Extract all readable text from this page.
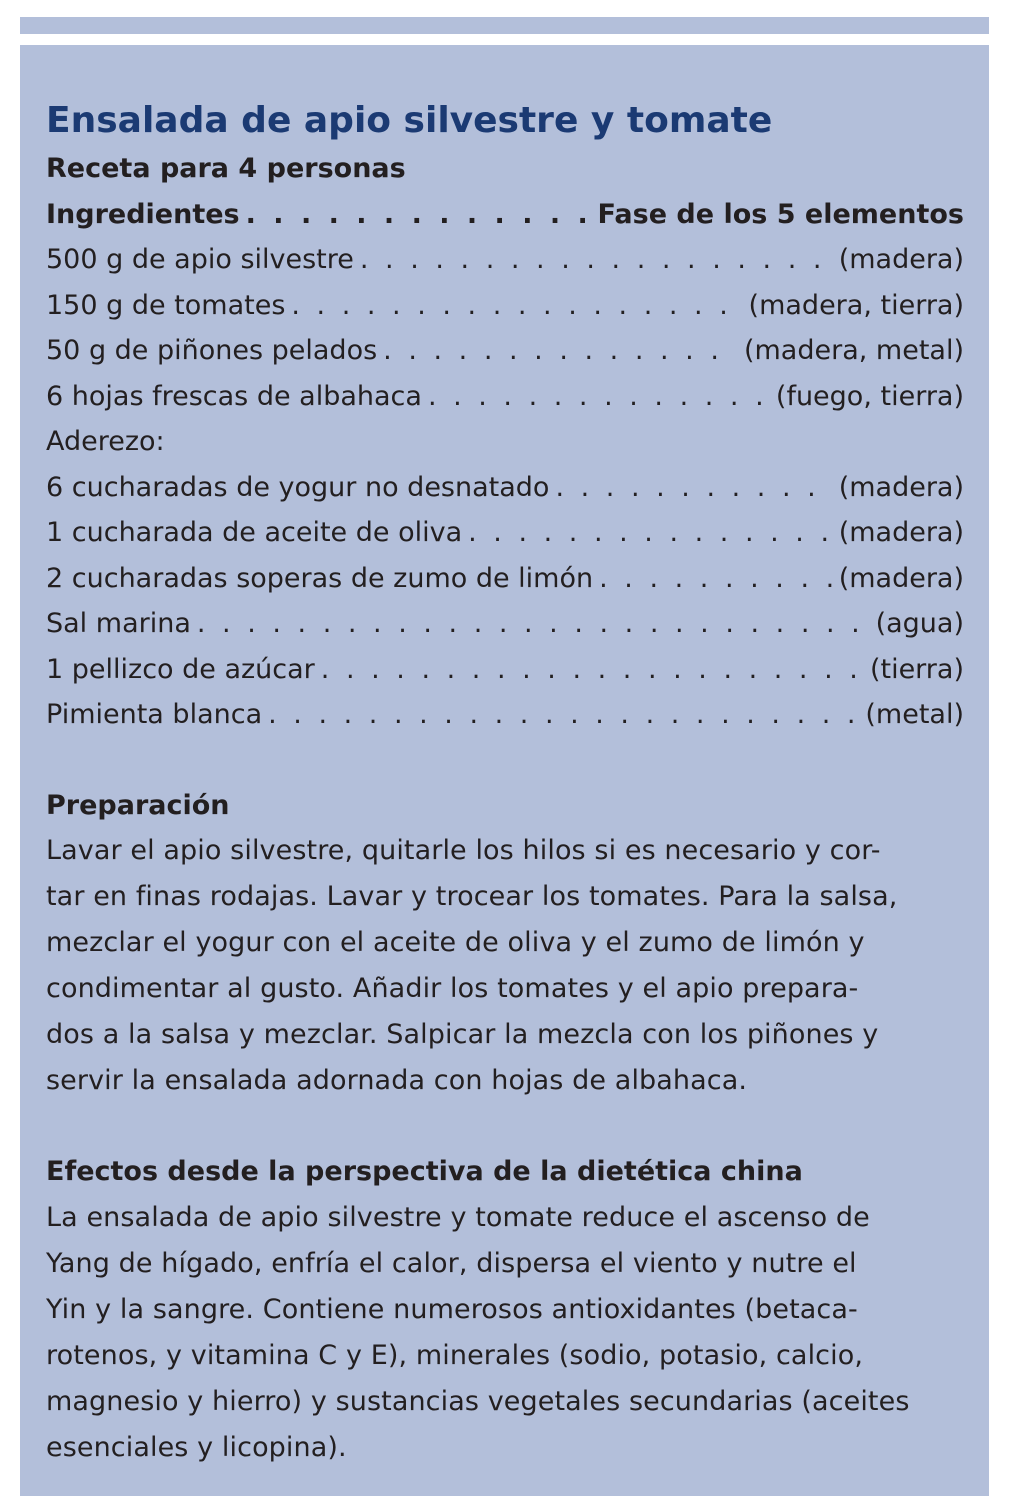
Ensalada de apio silvestre y tomate
Receta para 4 personas
Ingredientes . . .	Fase de los 5 elementos
500 g de apio silvestre . . .	(madera)
150 g de tomates . . .	(madera, tierra)
50 g de piñones pelados . . .	(madera, metal)
6 hojas frescas de albahaca . . .	(fuego, tierra)
Aderezo:
6 cucharadas de yogur no desnatado . . .	(madera)
1 cucharada de aceite de oliva . . .	(madera)
2 cucharadas soperas de zumo de limón . . .	(madera)
Sal marina . . .	(agua)
1 pellizco de azúcar . . .	(tierra)
Pimienta blanca . . .	(metal)
Preparación

Lavar el apio silvestre, quitarle los hilos si es necesario y cor-
tar en finas rodajas. Lavar y trocear los tomates. Para la salsa,
mezclar el yogur con el aceite de oliva y el zumo de limón y
condimentar al gusto. Añadir los tomates y el apio prepara-
dos a la salsa y mezclar. Salpicar la mezcla con los piñones y
servir la ensalada adornada con hojas de albahaca.

Efectos desde la perspectiva de la dietética china

La ensalada de apio silvestre y tomate reduce el ascenso de
Yang de hígado, enfría el calor, dispersa el viento y nutre el
Yin y la sangre. Contiene numerosos antioxidantes (betaca-
rotenos, y vitamina C y E), minerales (sodio, potasio, calcio,
magnesio y hierro) y sustancias vegetales secundarias (aceites
esenciales y licopina).
